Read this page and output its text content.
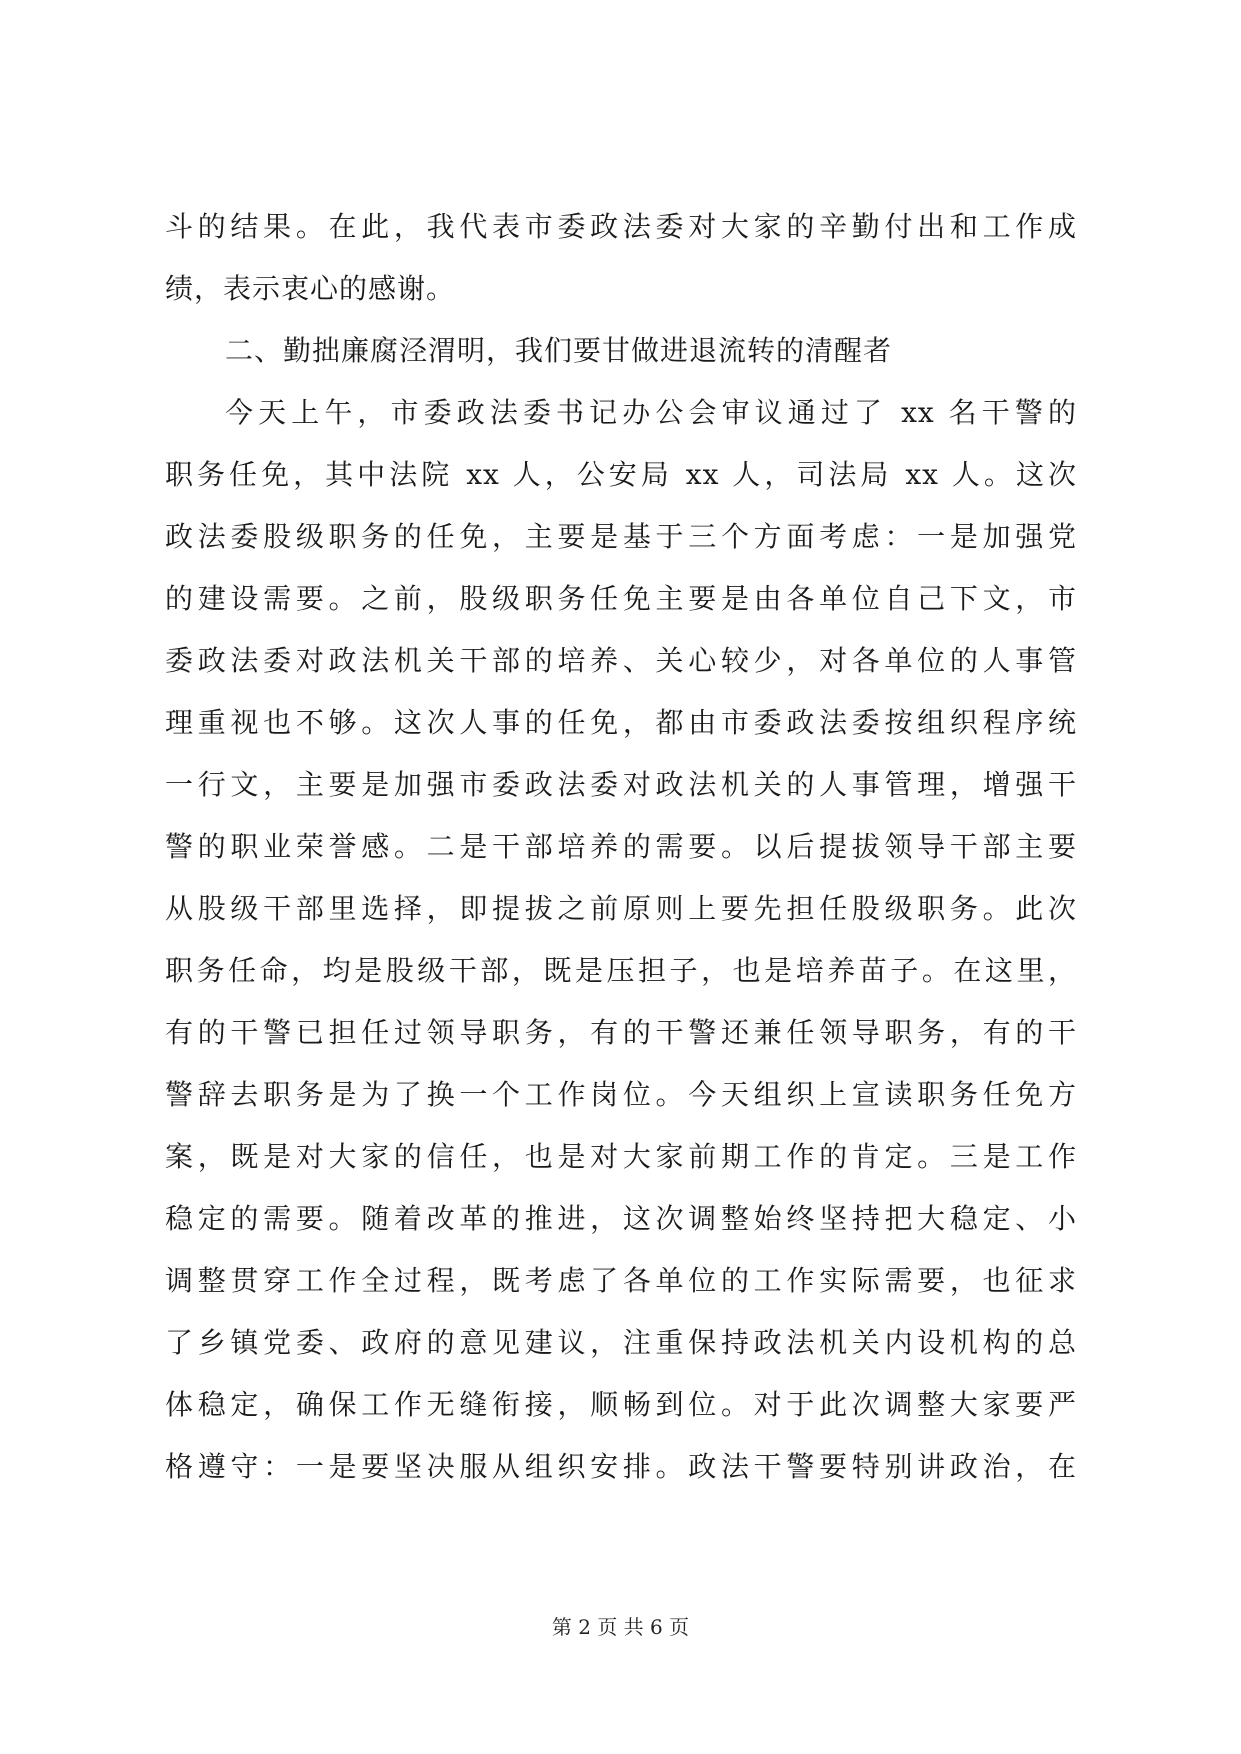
斗的结果。在此，我代表市委政法委对大家的辛勤付出和工作成
绩，表示衷心的感谢。
二、勤拙廉腐泾渭明，我们要甘做进退流转的清醒者
今天上午，市委政法委书记办公会审议通过了 xx 名干警的
职务任免，其中法院 xx 人，公安局 xx 人，司法局 xx 人。这次
政法委股级职务的任免，主要是基于三个方面考虑：一是加强党
的建设需要。之前，股级职务任免主要是由各单位自己下文，市
委政法委对政法机关干部的培养、关心较少，对各单位的人事管
理重视也不够。这次人事的任免，都由市委政法委按组织程序统
一行文，主要是加强市委政法委对政法机关的人事管理，增强干
警的职业荣誉感。二是干部培养的需要。以后提拔领导干部主要
从股级干部里选择，即提拔之前原则上要先担任股级职务。此次
职务任命，均是股级干部，既是压担子，也是培养苗子。在这里，
有的干警已担任过领导职务，有的干警还兼任领导职务，有的干
警辞去职务是为了换一个工作岗位。今天组织上宣读职务任免方
案，既是对大家的信任，也是对大家前期工作的肯定。三是工作
稳定的需要。随着改革的推进，这次调整始终坚持把大稳定、小
调整贯穿工作全过程，既考虑了各单位的工作实际需要，也征求
了乡镇党委、政府的意见建议，注重保持政法机关内设机构的总
体稳定，确保工作无缝衔接，顺畅到位。对于此次调整大家要严
格遵守：一是要坚决服从组织安排。政法干警要特别讲政治，在
第 2 页 共 6 页
